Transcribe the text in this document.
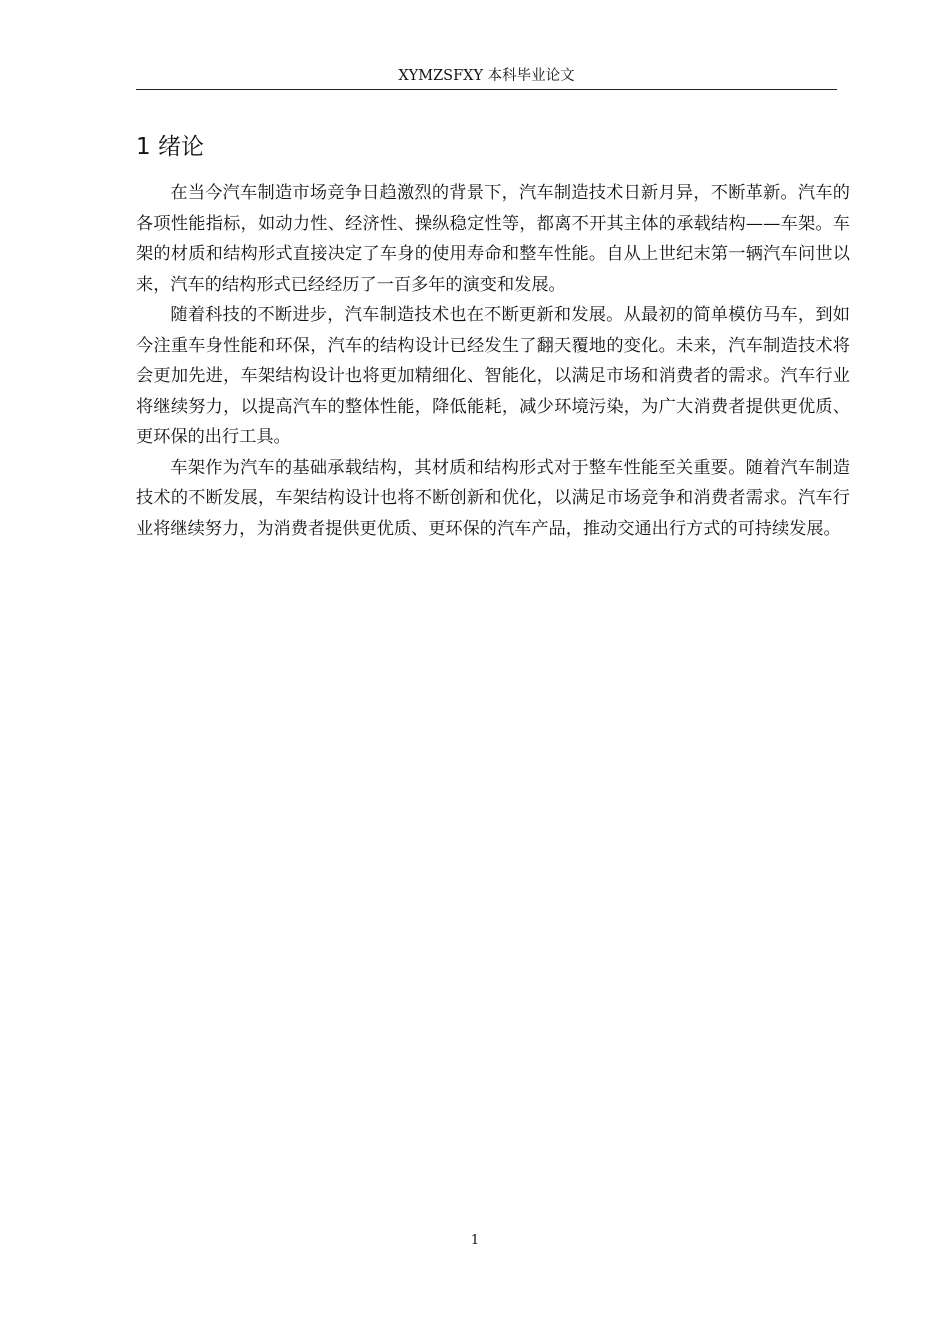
XYMZSFXY 本科毕业论文
1 绪论

在当今汽车制造市场竞争日趋激烈的背景下，汽车制造技术日新月异，不断革新。汽车的各项性能指标，如动力性、经济性、操纵稳定性等，都离不开其主体的承载结构——车架。车架的材质和结构形式直接决定了车身的使用寿命和整车性能。自从上世纪末第一辆汽车问世以来，汽车的结构形式已经经历了一百多年的演变和发展。

随着科技的不断进步，汽车制造技术也在不断更新和发展。从最初的简单模仿马车，到如今注重车身性能和环保，汽车的结构设计已经发生了翻天覆地的变化。未来，汽车制造技术将会更加先进，车架结构设计也将更加精细化、智能化，以满足市场和消费者的需求。汽车行业将继续努力，以提高汽车的整体性能，降低能耗，减少环境污染，为广大消费者提供更优质、更环保的出行工具。

车架作为汽车的基础承载结构，其材质和结构形式对于整车性能至关重要。随着汽车制造技术的不断发展，车架结构设计也将不断创新和优化，以满足市场竞争和消费者需求。汽车行业将继续努力，为消费者提供更优质、更环保的汽车产品，推动交通出行方式的可持续发展。

1
